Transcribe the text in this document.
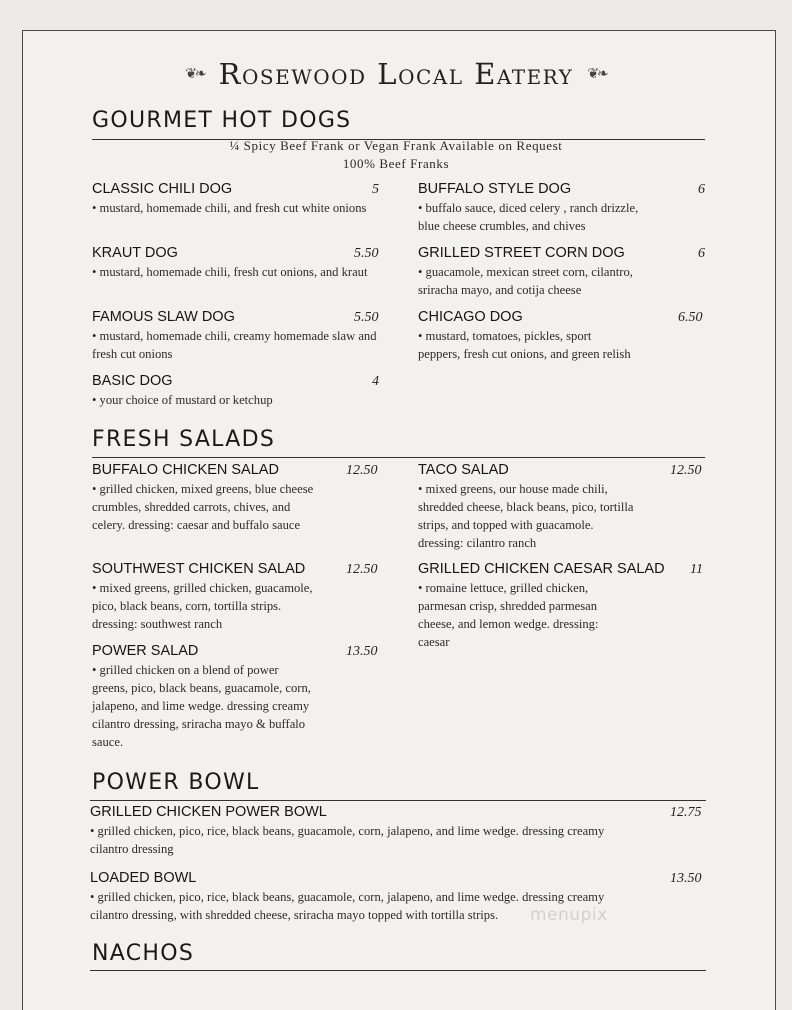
❦❧ Rosewood Local Eatery ❦❧
GOURMET HOT DOGS
¼ Spicy Beef Frank or Vegan Frank Available on Request
100% Beef Franks
CLASSIC CHILI DOG
• mustard, homemade chili, and fresh cut white onions
5
KRAUT DOG
• mustard, homemade chili, fresh cut onions, and kraut
5.50
FAMOUS SLAW DOG
• mustard, homemade chili, creamy homemade slaw and fresh cut onions
5.50
BASIC DOG
• your choice of mustard or ketchup
4
BUFFALO STYLE DOG
• buffalo sauce, diced celery , ranch drizzle, blue cheese crumbles, and chives
6
GRILLED STREET CORN DOG
• guacamole, mexican street corn, cilantro, sriracha mayo, and cotija cheese
6
CHICAGO DOG
• mustard, tomatoes, pickles, sport peppers, fresh cut onions, and green relish
6.50
FRESH SALADS
BUFFALO CHICKEN SALAD
• grilled chicken, mixed greens, blue cheese crumbles, shredded carrots, chives, and celery. dressing: caesar and buffalo sauce
12.50
SOUTHWEST CHICKEN SALAD
• mixed greens, grilled chicken, guacamole, pico, black beans, corn, tortilla strips. dressing: southwest ranch
12.50
POWER SALAD
• grilled chicken on a blend of power greens, pico, black beans, guacamole, corn, jalapeno, and lime wedge. dressing creamy cilantro dressing, sriracha mayo & buffalo sauce.
13.50
TACO SALAD
• mixed greens, our house made chili, shredded cheese, black beans, pico, tortilla strips, and topped with guacamole. dressing: cilantro ranch
12.50
GRILLED CHICKEN CAESAR SALAD
• romaine lettuce, grilled chicken, parmesan crisp, shredded parmesan cheese, and lemon wedge. dressing: caesar
11
POWER BOWL
GRILLED CHICKEN POWER BOWL
• grilled chicken, pico, rice, black beans, guacamole, corn, jalapeno, and lime wedge. dressing creamy cilantro dressing
12.75
LOADED BOWL
• grilled chicken, pico, rice, black beans, guacamole, corn, jalapeno, and lime wedge. dressing creamy cilantro dressing, with shredded cheese, sriracha mayo topped with tortilla strips.
13.50
menupix
NACHOS
